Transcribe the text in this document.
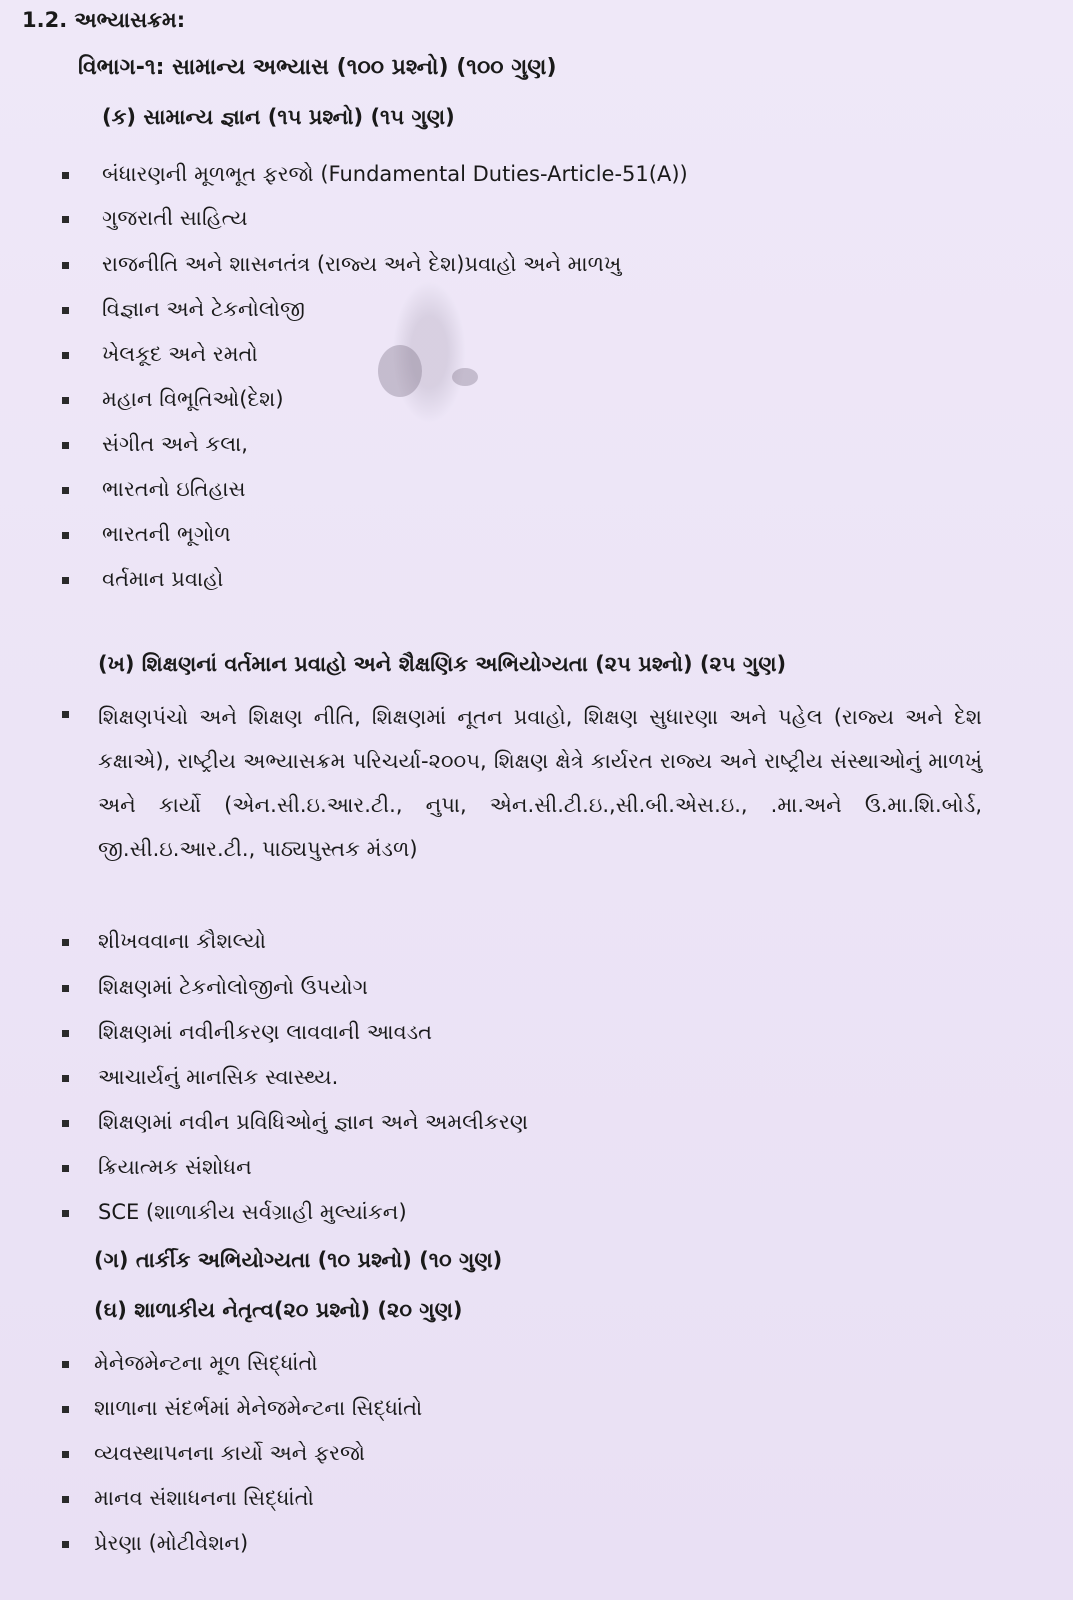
1.2. અભ્યાસક્રમ:
વિભાગ-૧: સામાન્ય અભ્યાસ (૧૦૦ પ્રશ્નો) (૧૦૦ ગુણ)
(ક) સામાન્ય જ્ઞાન (૧૫ પ્રશ્નો) (૧૫ ગુણ)
બંધારણની મૂળભૂત ફરજો (Fundamental Duties-Article-51(A))
ગુજરાતી સાહિત્ય
રાજનીતિ અને શાસનતંત્ર (રાજ્ય અને દેશ)પ્રવાહો અને માળખુ
વિજ્ઞાન અને ટેકનોલોજી
ખેલકૂદ અને રમતો
મહાન વિભૂતિઓ(દેશ)
સંગીત અને કલા,
ભારતનો ઇતિહાસ
ભારતની ભૂગોળ
વર્તમાન પ્રવાહો
(ખ) શિક્ષણનાં વર્તમાન પ્રવાહો અને શૈક્ષણિક અભિયોગ્યતા (૨૫ પ્રશ્નો) (૨૫ ગુણ)
શિક્ષણપંચો અને શિક્ષણ નીતિ, શિક્ષણમાં નૂતન પ્રવાહો, શિક્ષણ સુધારણા અને પહેલ (રાજ્ય અને દેશ કક્ષાએ), રાષ્ટ્રીય અભ્યાસક્રમ પરિચર્યા-૨૦૦૫, શિક્ષણ ક્ષેત્રે કાર્યરત રાજ્ય અને રાષ્ટ્રીય સંસ્થાઓનું માળખું અને કાર્યો (એન.સી.ઇ.આર.ટી., નુપા, એન.સી.ટી.ઇ.,સી.બી.એસ.ઇ., .મા.અને ઉ.મા.શિ.બોર્ડ, જી.સી.ઇ.આર.ટી., પાઠ્યપુસ્તક મંડળ)
શીખવવાના કૌશલ્યો
શિક્ષણમાં ટેકનોલોજીનો ઉપયોગ
શિક્ષણમાં નવીનીકરણ લાવવાની આવડત
આચાર્યનું માનસિક સ્વાસ્થ્ય.
શિક્ષણમાં નવીન પ્રવિધિઓનું જ્ઞાન અને અમલીકરણ
ક્રિયાત્મક સંશોધન
SCE (શાળાકીય સર્વગ્રાહી મુલ્યાંકન)
(ગ) તાર્કીક અભિયોગ્યતા (૧૦ પ્રશ્નો) (૧૦ ગુણ)
(ઘ) શાળાકીય નેતૃત્વ(૨૦ પ્રશ્નો) (૨૦ ગુણ)
મેનેજમેન્ટના મૂળ સિદ્ધાંતો
શાળાના સંદર્ભમાં મેનેજમેન્ટના સિદ્ધાંતો
વ્યવસ્થાપનના કાર્યો અને ફરજો
માનવ સંશાધનના સિદ્ધાંતો
પ્રેરણા (મોટીવેશન)
